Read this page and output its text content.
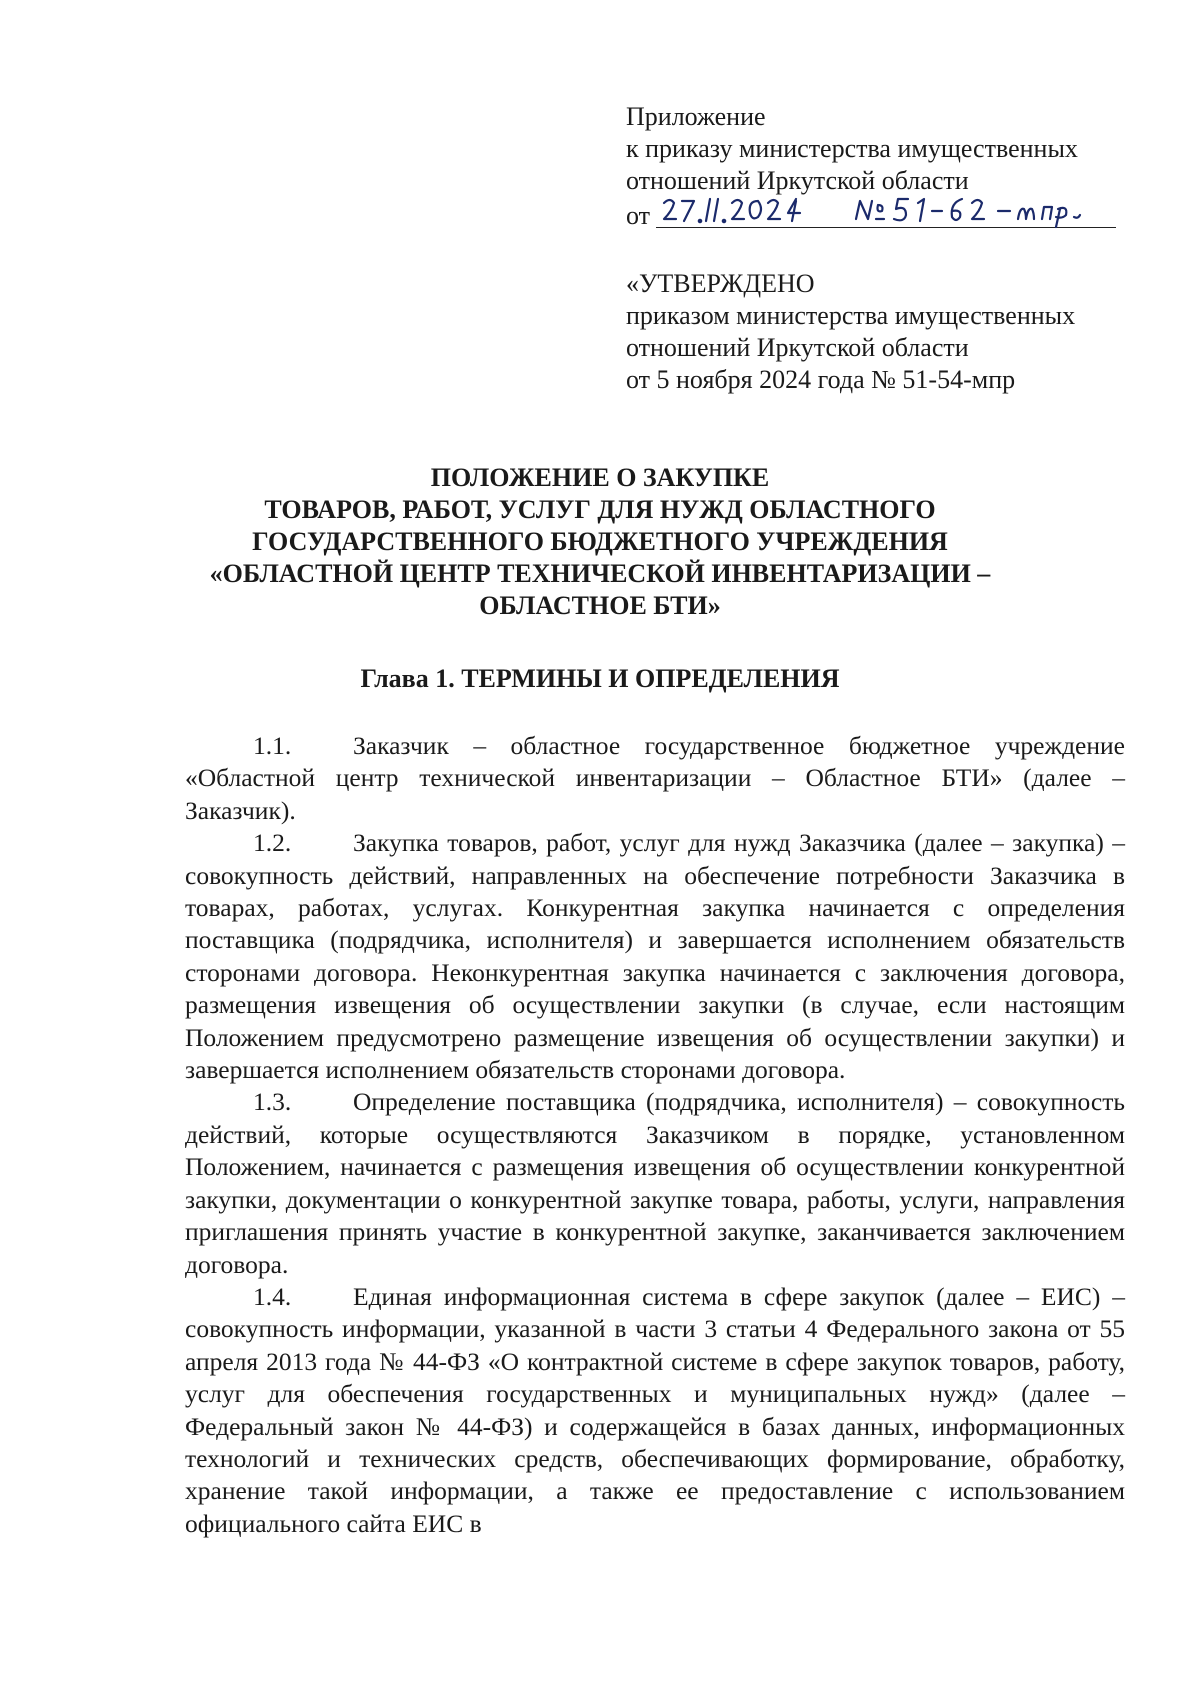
Приложение
к приказу министерства имущественных
отношений Иркутской области
от
«УТВЕРЖДЕНО
приказом министерства имущественных
отношений Иркутской области
от 5 ноября 2024 года № 51-54-мпр
ПОЛОЖЕНИЕ О ЗАКУПКЕ
ТОВАРОВ, РАБОТ, УСЛУГ ДЛЯ НУЖД ОБЛАСТНОГО
ГОСУДАРСТВЕННОГО БЮДЖЕТНОГО УЧРЕЖДЕНИЯ
«ОБЛАСТНОЙ ЦЕНТР ТЕХНИЧЕСКОЙ ИНВЕНТАРИЗАЦИИ –
ОБЛАСТНОЕ БТИ»
Глава 1. ТЕРМИНЫ И ОПРЕДЕЛЕНИЯ

1.1. Заказчик – областное государственное бюджетное учреждение «Областной центр технической инвентаризации – Областное БТИ» (далее – Заказчик).

1.2. Закупка товаров, работ, услуг для нужд Заказчика (далее – закупка) – совокупность действий, направленных на обеспечение потребности Заказчика в товарах, работах, услугах. Конкурентная закупка начинается с определения поставщика (подрядчика, исполнителя) и завершается исполнением обязательств сторонами договора. Неконкурентная закупка начинается с заключения договора, размещения извещения об осуществлении закупки (в случае, если настоящим Положением предусмотрено размещение извещения об осуществлении закупки) и завершается исполнением обязательств сторонами договора.

1.3. Определение поставщика (подрядчика, исполнителя) – совокупность действий, которые осуществляются Заказчиком в порядке, установленном Положением, начинается с размещения извещения об осуществлении конкурентной закупки, документации о конкурентной закупке товара, работы, услуги, направления приглашения принять участие в конкурентной закупке, заканчивается заключением договора.

1.4. Единая информационная система в сфере закупок (далее – ЕИС) – совокупность информации, указанной в части 3 статьи 4 Федерального закона от 55 апреля 2013 года № 44-ФЗ «О контрактной системе в сфере закупок товаров, работу, услуг для обеспечения государственных и муниципальных нужд» (далее – Федеральный закон № 44-ФЗ) и содержащейся в базах данных, информационных технологий и технических средств, обеспечивающих формирование, обработку, хранение такой информации, а также ее предоставление с использованием официального сайта ЕИС в
